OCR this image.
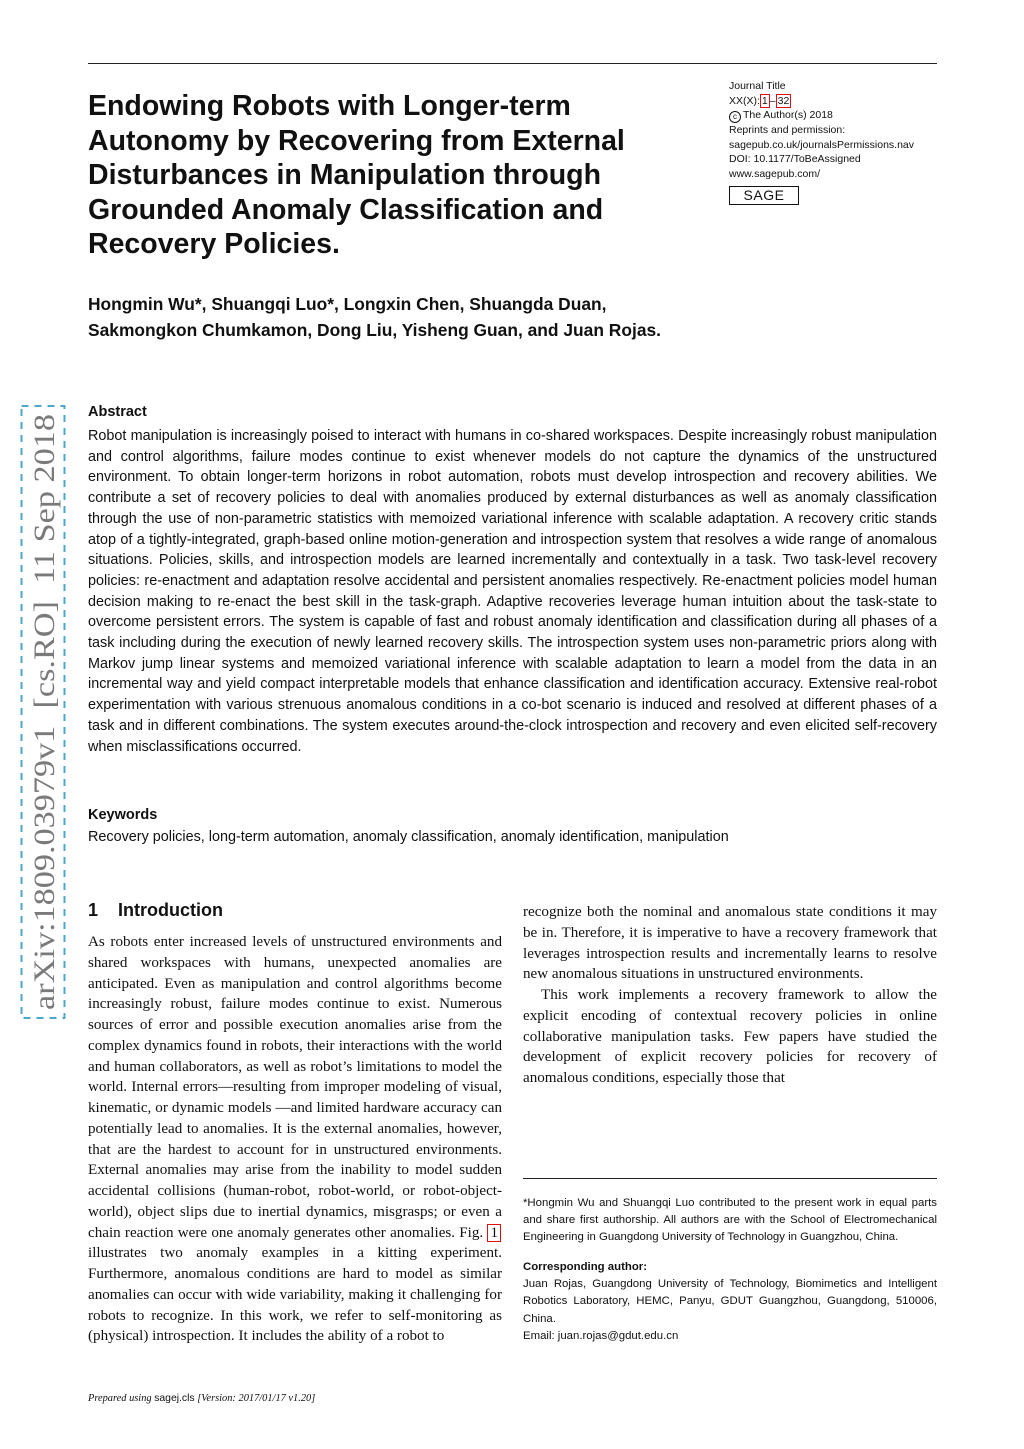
Endowing Robots with Longer-term Autonomy by Recovering from External Disturbances in Manipulation through Grounded Anomaly Classification and Recovery Policies.
Journal Title
XX(X): 1 – 32
c The Author(s) 2018
Reprints and permission:
sagepub.co.uk/journalsPermissions.nav
DOI: 10.1177/ToBeAssigned
www.sagepub.com/
SAGE
Hongmin Wu*, Shuangqi Luo*, Longxin Chen, Shuangda Duan,
Sakmongkon Chumkamon, Dong Liu, Yisheng Guan, and Juan Rojas.
arXiv:1809.03979v1  [cs.RO]  11 Sep 2018
Abstract

Robot manipulation is increasingly poised to interact with humans in co-shared workspaces. Despite increasingly robust manipulation and control algorithms, failure modes continue to exist whenever models do not capture the dynamics of the unstructured environment. To obtain longer-term horizons in robot automation, robots must develop introspection and recovery abilities. We contribute a set of recovery policies to deal with anomalies produced by external disturbances as well as anomaly classification through the use of non-parametric statistics with memoized variational inference with scalable adaptation. A recovery critic stands atop of a tightly-integrated, graph-based online motion-generation and introspection system that resolves a wide range of anomalous situations. Policies, skills, and introspection models are learned incrementally and contextually in a task. Two task-level recovery policies: re-enactment and adaptation resolve accidental and persistent anomalies respectively. Re-enactment policies model human decision making to re-enact the best skill in the task-graph. Adaptive recoveries leverage human intuition about the task-state to overcome persistent errors. The system is capable of fast and robust anomaly identification and classification during all phases of a task including during the execution of newly learned recovery skills. The introspection system uses non-parametric priors along with Markov jump linear systems and memoized variational inference with scalable adaptation to learn a model from the data in an incremental way and yield compact interpretable models that enhance classification and identification accuracy. Extensive real-robot experimentation with various strenuous anomalous conditions in a co-bot scenario is induced and resolved at different phases of a task and in different combinations. The system executes around-the-clock introspection and recovery and even elicited self-recovery when misclassifications occurred.

Keywords
Recovery policies, long-term automation, anomaly classification, anomaly identification, manipulation
1 Introduction

As robots enter increased levels of unstructured environments and shared workspaces with humans, unexpected anomalies are anticipated. Even as manipulation and control algorithms become increasingly robust, failure modes continue to exist. Numerous sources of error and possible execution anomalies arise from the complex dynamics found in robots, their interactions with the world and human collaborators, as well as robot’s limitations to model the world. Internal errors—resulting from improper modeling of visual, kinematic, or dynamic models —and limited hardware accuracy can potentially lead to anomalies. It is the external anomalies, however, that are the hardest to account for in unstructured environments. External anomalies may arise from the inability to model sudden accidental collisions (human-robot, robot-world, or robot-object-world), object slips due to inertial dynamics, misgrasps; or even a chain reaction were one anomaly generates other anomalies. Fig. 1 illustrates two anomaly examples in a kitting experiment. Furthermore, anomalous conditions are hard to model as similar anomalies can occur with wide variability, making it challenging for robots to recognize. In this work, we refer to self-monitoring as (physical) introspection. It includes the ability of a robot to

recognize both the nominal and anomalous state conditions it may be in. Therefore, it is imperative to have a recovery framework that leverages introspection results and incrementally learns to resolve new anomalous situations in unstructured environments.

This work implements a recovery framework to allow the explicit encoding of contextual recovery policies in online collaborative manipulation tasks. Few papers have studied the development of explicit recovery policies for recovery of anomalous conditions, especially those that

*Hongmin Wu and Shuangqi Luo contributed to the present work in equal parts and share first authorship. All authors are with the School of Electromechanical Engineering in Guangdong University of Technology in Guangzhou, China.

Corresponding author:

Juan Rojas, Guangdong University of Technology, Biomimetics and Intelligent Robotics Laboratory, HEMC, Panyu, GDUT Guangzhou, Guangdong, 510006, China.

Email: juan.rojas@gdut.edu.cn

Prepared using sagej.cls [Version: 2017/01/17 v1.20]
